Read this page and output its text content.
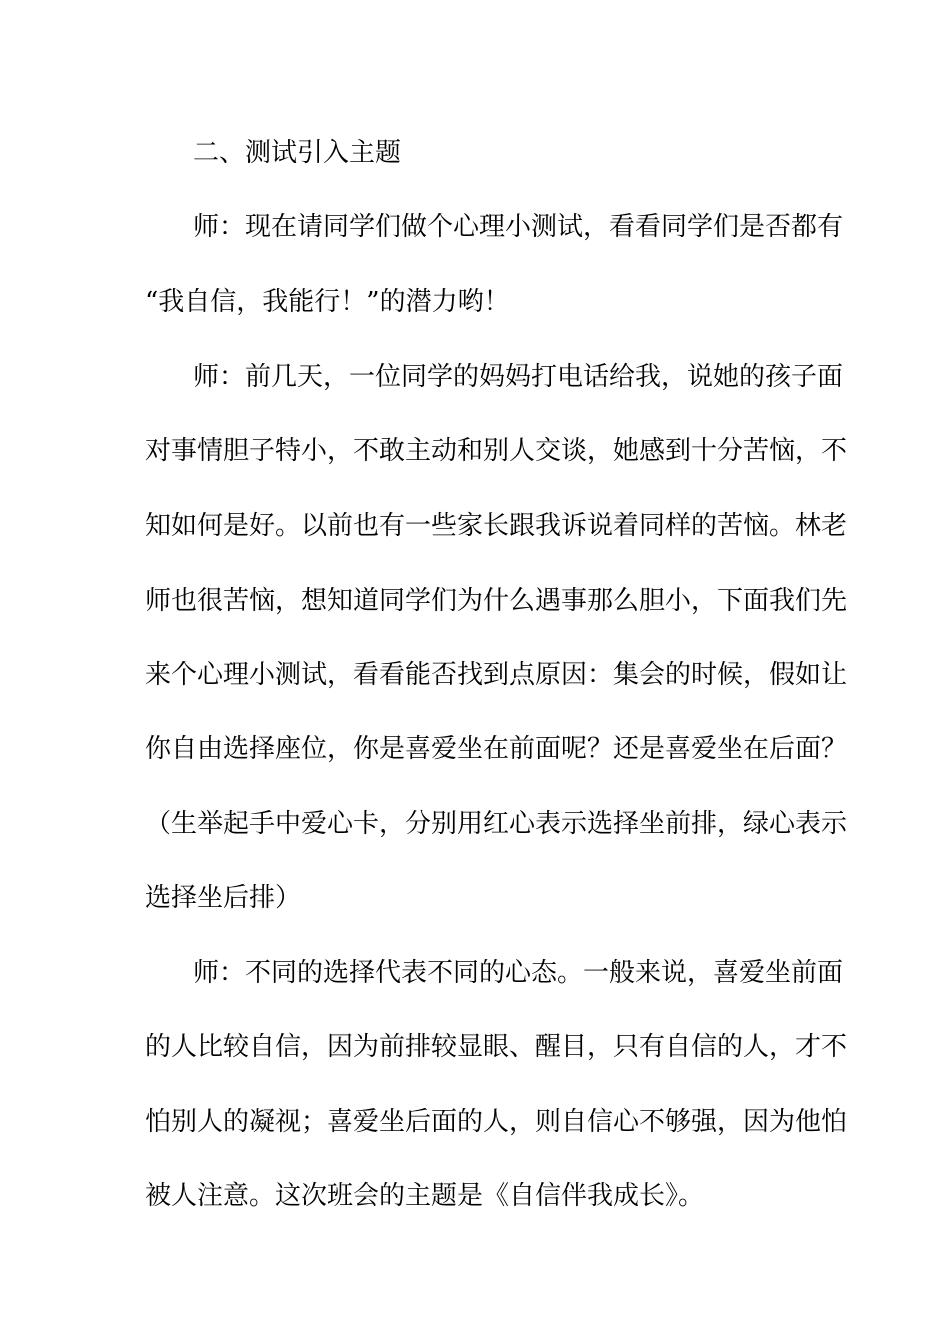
二、测试引入主题
师：现在请同学们做个心理小测试，看看同学们是否都有
“我自信，我能行！”的潜力哟！
师：前几天，一位同学的妈妈打电话给我，说她的孩子面
对事情胆子特小，不敢主动和别人交谈，她感到十分苦恼，不
知如何是好。以前也有一些家长跟我诉说着同样的苦恼。林老
师也很苦恼，想知道同学们为什么遇事那么胆小，下面我们先
来个心理小测试，看看能否找到点原因：集会的时候，假如让
你自由选择座位，你是喜爱坐在前面呢？还是喜爱坐在后面？
（生举起手中爱心卡，分别用红心表示选择坐前排，绿心表示
选择坐后排）
师：不同的选择代表不同的心态。一般来说，喜爱坐前面
的人比较自信，因为前排较显眼、醒目，只有自信的人，才不
怕别人的凝视；喜爱坐后面的人，则自信心不够强，因为他怕
被人注意。这次班会的主题是《自信伴我成长》。
